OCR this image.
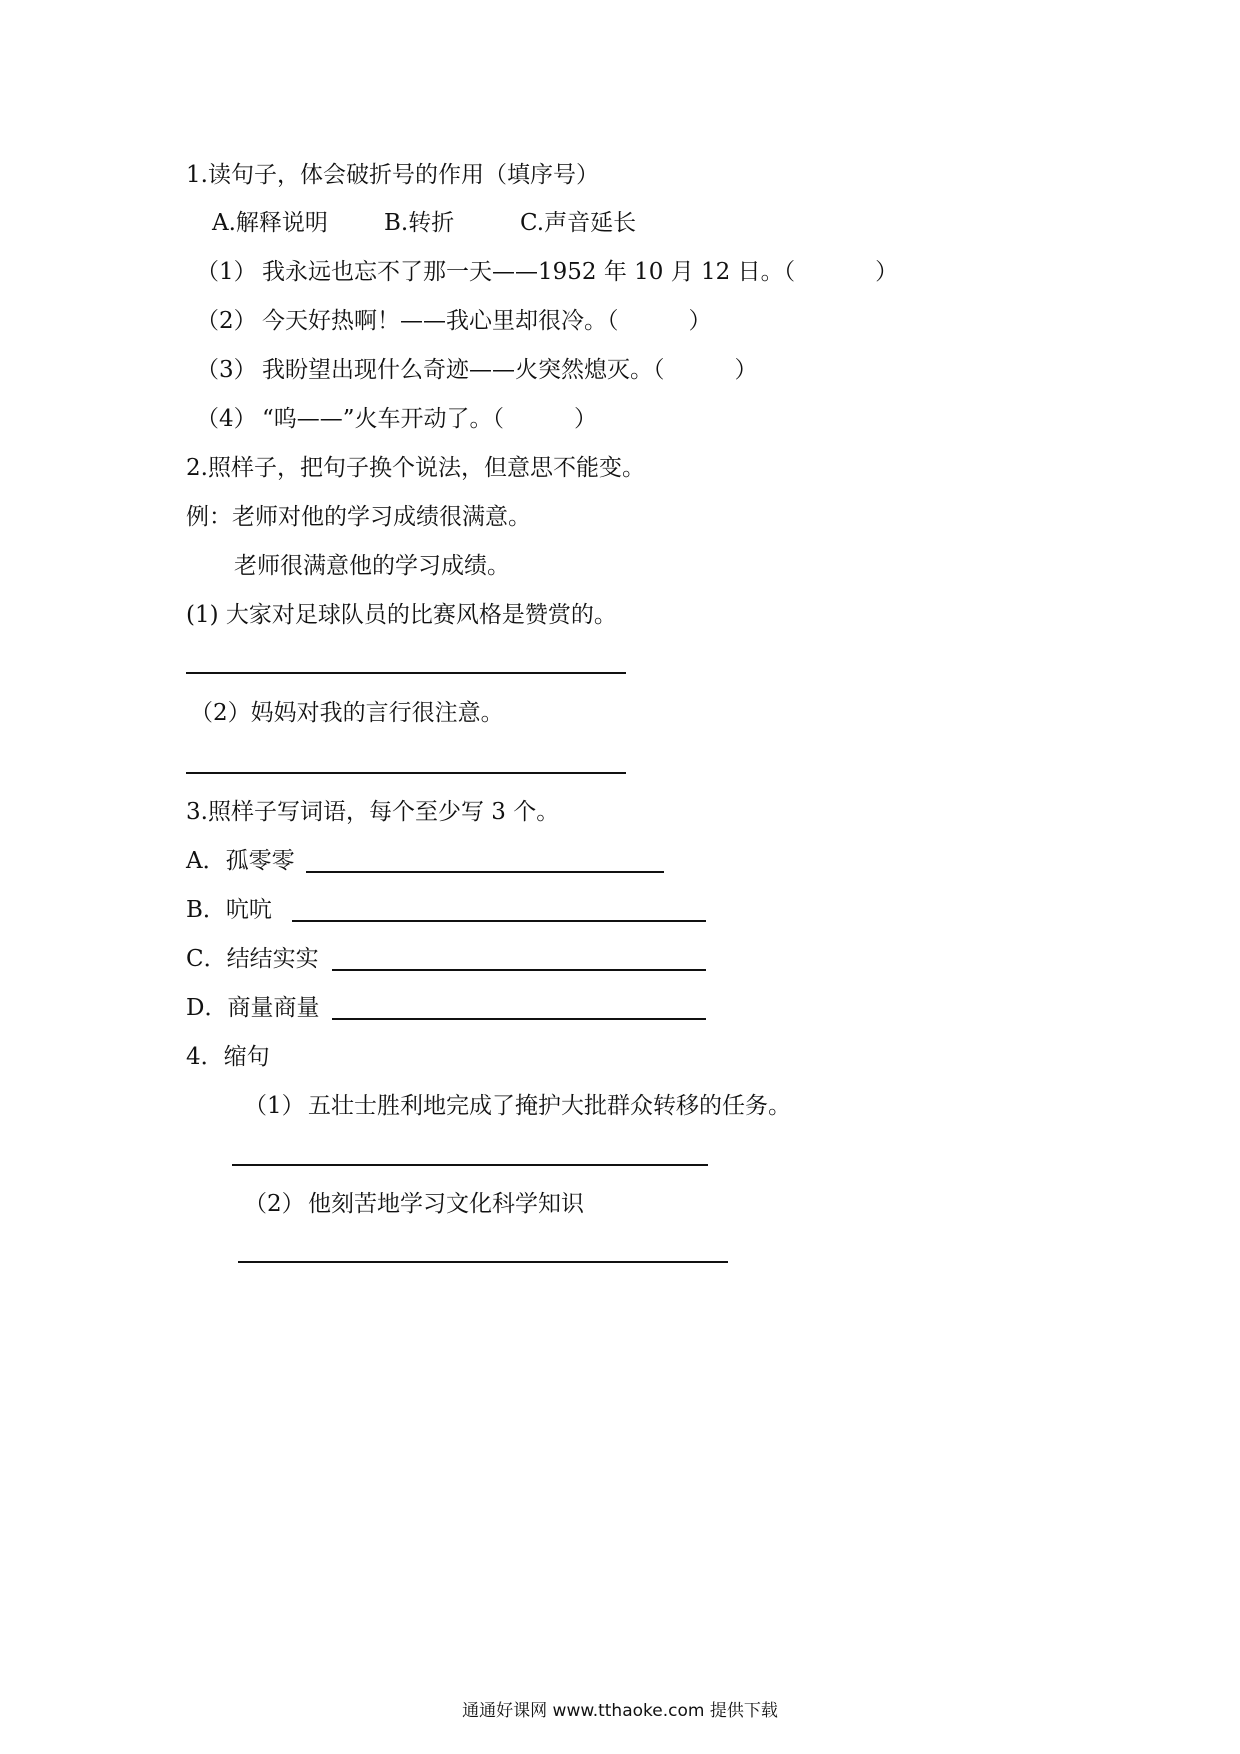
1.读句子，体会破折号的作用（填序号）
A.解释说明 B.转折	C.声音延长
（1） 我永远也忘不了那一天——1952 年 10 月 12 日。（	）
（2） 今天好热啊！——我心里却很冷。（	）
（3） 我盼望出现什么奇迹——火突然熄灭。（	）
（4） “呜——”火车开动了。（	）
2.照样子，把句子换个说法，但意思不能变。
例：老师对他的学习成绩很满意。
老师很满意他的学习成绩。
(1) 大家对足球队员的比赛风格是赞赏的。
（2）妈妈对我的言行很注意。
3.照样子写词语，每个至少写 3 个。
A．孤零零
B．吭吭
C．结结实实
D．商量商量
4．缩句
（1） 五壮士胜利地完成了掩护大批群众转移的任务。
（2） 他刻苦地学习文化科学知识
通通好课网 www.tthaoke.com 提供下载
